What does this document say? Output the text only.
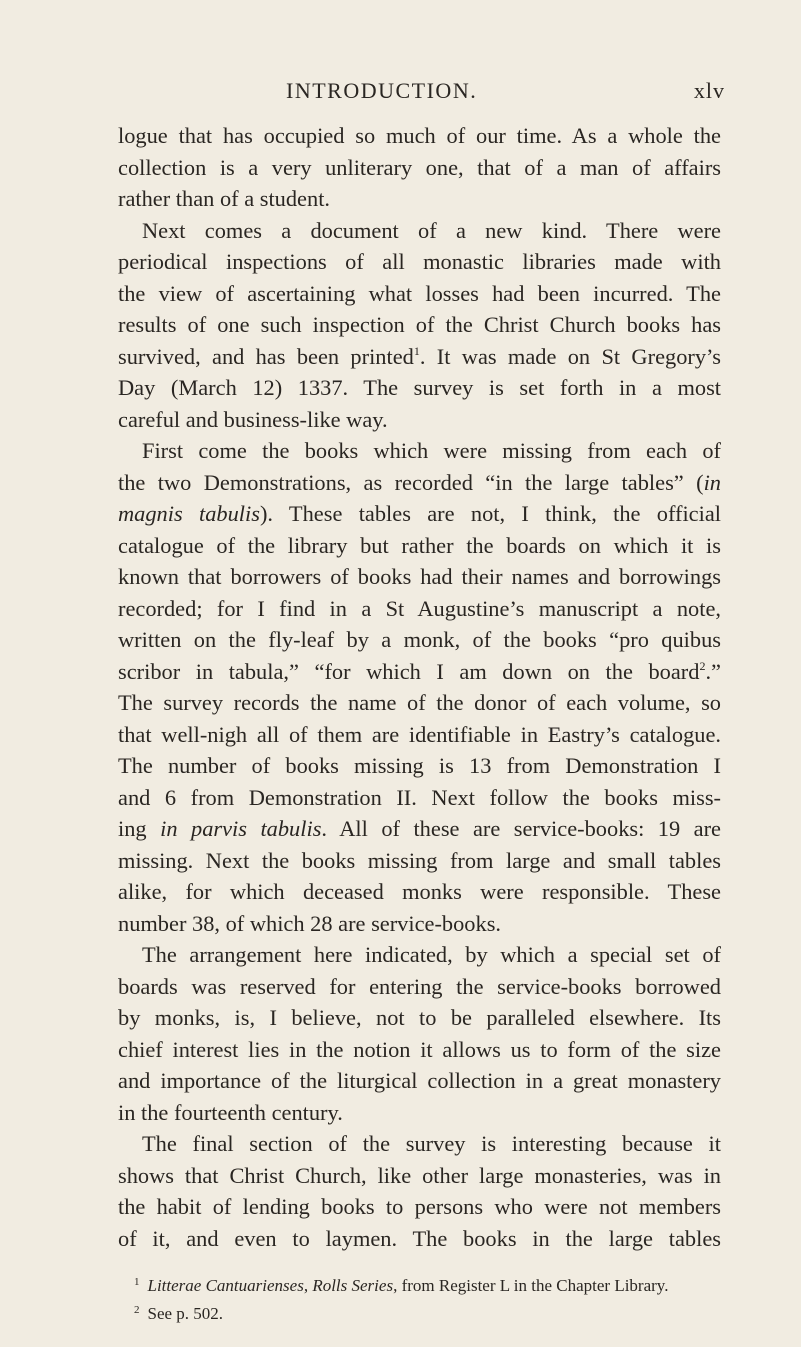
INTRODUCTION.	xlv
logue that has occupied so much of our time. As a whole the
collection is a very unliterary one, that of a man of affairs
rather than of a student.
Next comes a document of a new kind. There were
periodical inspections of all monastic libraries made with
the view of ascertaining what losses had been incurred. The
results of one such inspection of the Christ Church books has
survived, and has been printed$^1$. It was made on St Gregory’s
Day (March 12) 1337. The survey is set forth in a most
careful and business-like way.
First come the books which were missing from each of
the two Demonstrations, as recorded “in the large tables” (in
magnis tabulis). These tables are not, I think, the official
catalogue of the library but rather the boards on which it is
known that borrowers of books had their names and borrowings
recorded; for I find in a St Augustine’s manuscript a note,
written on the fly-leaf by a monk, of the books “pro quibus
scribor in tabula,” “for which I am down on the board$^2$.”
The survey records the name of the donor of each volume, so
that well-nigh all of them are identifiable in Eastry’s catalogue.
The number of books missing is 13 from Demonstration I
and 6 from Demonstration II. Next follow the books miss-
ing in parvis tabulis. All of these are service-books: 19 are
missing. Next the books missing from large and small tables
alike, for which deceased monks were responsible. These
number 38, of which 28 are service-books.
The arrangement here indicated, by which a special set of
boards was reserved for entering the service-books borrowed
by monks, is, I believe, not to be paralleled elsewhere. Its
chief interest lies in the notion it allows us to form of the size
and importance of the liturgical collection in a great monastery
in the fourteenth century.
The final section of the survey is interesting because it
shows that Christ Church, like other large monasteries, was in
the habit of lending books to persons who were not members
of it, and even to laymen. The books in the large tables
$^1$ Litterae Cantuarienses, Rolls Series, from Register L in the Chapter Library.
$^2$ See p. 502.
